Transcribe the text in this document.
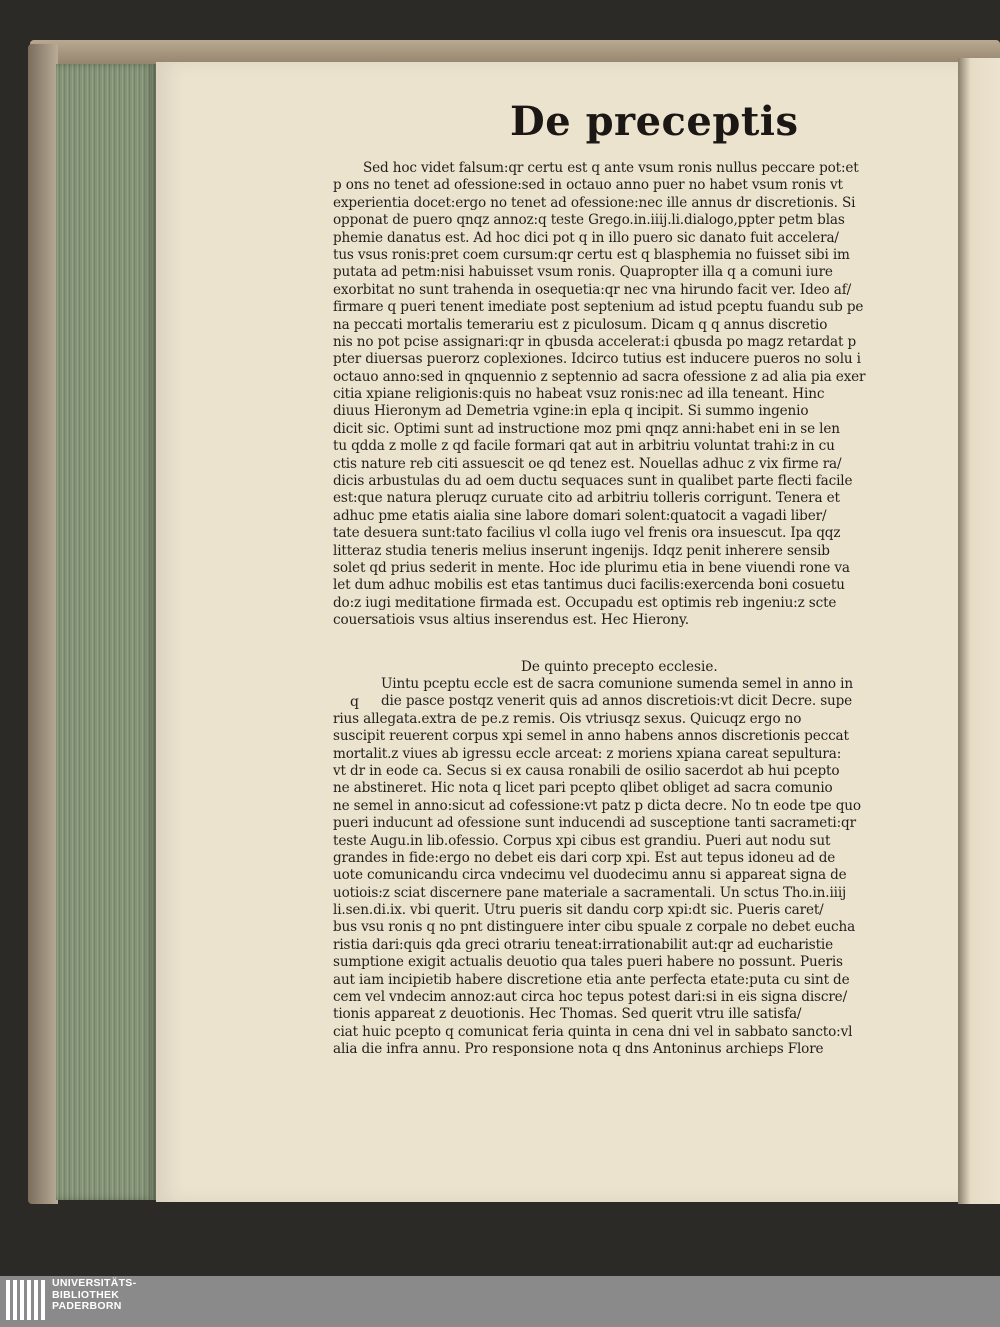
De preceptis
Sed hoc videt falsum:qr certu est q ante vsum ronis nullus peccare pot:et
p ons no tenet ad ofessione:sed in octauo anno puer no habet vsum ronis vt
experientia docet:ergo no tenet ad ofessione:nec ille annus dr discretionis. Si
opponat de puero qnqz annoz:q teste Grego.in.iiij.li.dialogo,ppter petm blas
phemie danatus est. Ad hoc dici pot q in illo puero sic danato fuit accelera/
tus vsus ronis:pret coem cursum:qr certu est q blasphemia no fuisset sibi im
putata ad petm:nisi habuisset vsum ronis. Quapropter illa q a comuni iure
exorbitat no sunt trahenda in osequetia:qr nec vna hirundo facit ver. Ideo af/
firmare q pueri tenent imediate post septenium ad istud pceptu fuandu sub pe
na peccati mortalis temerariu est z piculosum. Dicam q q annus discretio
nis no pot pcise assignari:qr in qbusda accelerat:i qbusda po magz retardat p
pter diuersas puerorz coplexiones. Idcirco tutius est inducere pueros no solu i
octauo anno:sed in qnquennio z septennio ad sacra ofessione z ad alia pia exer
citia xpiane religionis:quis no habeat vsuz ronis:nec ad illa teneant. Hinc
diuus Hieronym ad Demetria vgine:in epla q incipit. Si summo ingenio
dicit sic. Optimi sunt ad instructione moz pmi qnqz anni:habet eni in se len
tu qdda z molle z qd facile formari qat aut in arbitriu voluntat trahi:z in cu
ctis nature reb citi assuescit oe qd tenez est. Nouellas adhuc z vix firme ra/
dicis arbustulas du ad oem ductu sequaces sunt in qualibet parte flecti facile
est:que natura pleruqz curuate cito ad arbitriu tolleris corrigunt. Tenera et
adhuc pme etatis aialia sine labore domari solent:quatocit a vagadi liber/
tate desuera sunt:tato facilius vl colla iugo vel frenis ora insuescut. Ipa qqz
litteraz studia teneris melius inserunt ingenijs. Idqz penit inherere sensib
solet qd prius sederit in mente. Hoc ide plurimu etia in bene viuendi rone va
let dum adhuc mobilis est etas tantimus duci facilis:exercenda boni cosuetu
do:z iugi meditatione firmada est. Occupadu est optimis reb ingeniu:z scte
couersatiois vsus altius inserendus est. Hec Hierony.
De quinto precepto ecclesie.
Uintu pceptu eccle est de sacra comunione sumenda semel in anno in
die pasce postqz venerit quis ad annos discretiois:vt dicit Decre. supe
rius allegata.extra de pe.z remis. Ois vtriusqz sexus. Quicuqz ergo no
suscipit reuerent corpus xpi semel in anno habens annos discretionis peccat
mortalit.z viues ab igressu eccle arceat: z moriens xpiana careat sepultura:
vt dr in eode ca. Secus si ex causa ronabili de osilio sacerdot ab hui pcepto
ne abstineret. Hic nota q licet pari pcepto qlibet obliget ad sacra comunio
ne semel in anno:sicut ad cofessione:vt patz p dicta decre. No tn eode tpe quo
pueri inducunt ad ofessione sunt inducendi ad susceptione tanti sacrameti:qr
teste Augu.in lib.ofessio. Corpus xpi cibus est grandiu. Pueri aut nodu sut
grandes in fide:ergo no debet eis dari corp xpi. Est aut tepus idoneu ad de
uote comunicandu circa vndecimu vel duodecimu annu si appareat signa de
uotiois:z sciat discernere pane materiale a sacramentali. Un sctus Tho.in.iiij
li.sen.di.ix. vbi querit. Utru pueris sit dandu corp xpi:dt sic. Pueris caret/
bus vsu ronis q no pnt distinguere inter cibu spuale z corpale no debet eucha
ristia dari:quis qda greci otrariu teneat:irrationabilit aut:qr ad eucharistie
sumptione exigit actualis deuotio qua tales pueri habere no possunt. Pueris
aut iam incipietib habere discretione etia ante perfecta etate:puta cu sint de
cem vel vndecim annoz:aut circa hoc tepus potest dari:si in eis signa discre/
tionis appareat z deuotionis. Hec Thomas. Sed querit vtru ille satisfa/
ciat huic pcepto q comunicat feria quinta in cena dni vel in sabbato sancto:vl
alia die infra annu. Pro responsione nota q dns Antoninus archieps Flore
q
UNIVERSITÄTS-
BIBLIOTHEK
PADERBORN
